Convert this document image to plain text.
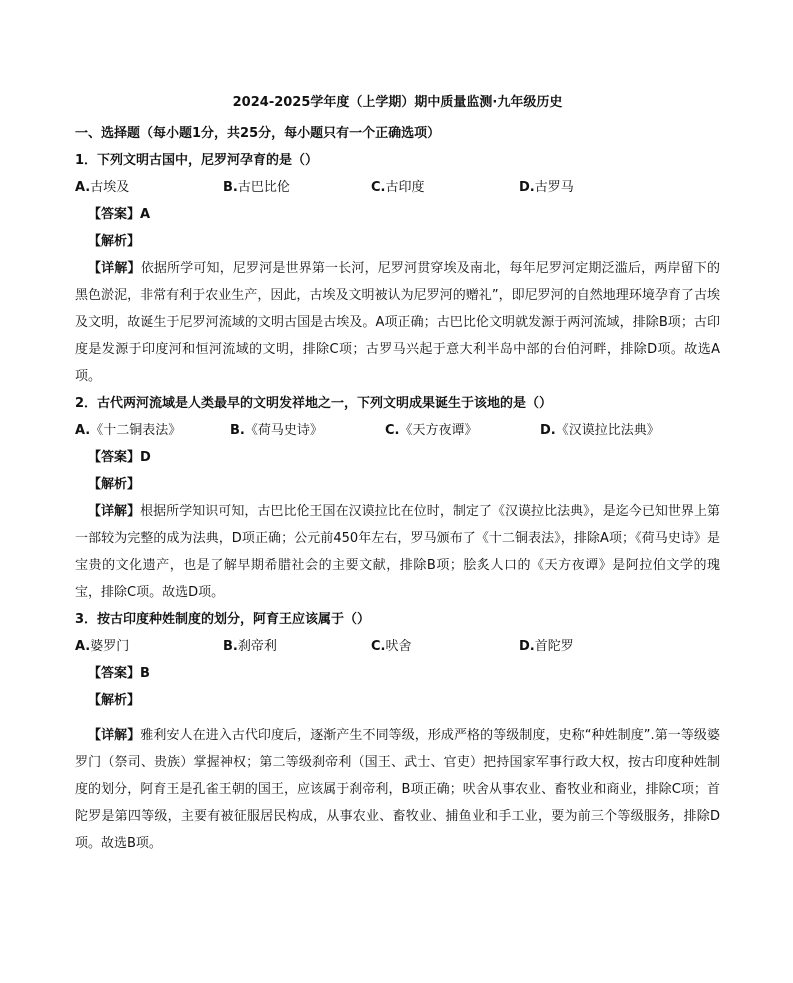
2024-2025学年度（上学期）期中质量监测·九年级历史
一、选择题（每小题1分，共25分，每小题只有一个正确选项）
1．下列文明古国中，尼罗河孕育的是（）
A.古埃及	B.古巴比伦	C.古印度	D.古罗马
【答案】A
【解析】
【详解】依据所学可知，尼罗河是世界第一长河，尼罗河贯穿埃及南北，每年尼罗河定期泛滥后，两岸留下的黑色淤泥，非常有利于农业生产，因此，古埃及文明被认为尼罗河的赠礼”，即尼罗河的自然地理环境孕育了古埃及文明，故诞生于尼罗河流域的文明古国是古埃及。A项正确；古巴比伦文明就发源于两河流域，排除B项；古印度是发源于印度河和恒河流域的文明，排除C项；古罗马兴起于意大利半岛中部的台伯河畔，排除D项。故选A项。
2．古代两河流域是人类最早的文明发祥地之一，下列文明成果诞生于该地的是（）
A.《十二铜表法》	B.《荷马史诗》	C.《天方夜谭》	D.《汉谟拉比法典》
【答案】D
【解析】
【详解】根据所学知识可知，古巴比伦王国在汉谟拉比在位时，制定了《汉谟拉比法典》，是迄今已知世界上第一部较为完整的成为法典，D项正确；公元前450年左右，罗马颁布了《十二铜表法》，排除A项；《荷马史诗》是宝贵的文化遗产，也是了解早期希腊社会的主要文献，排除B项；脍炙人口的《天方夜谭》是阿拉伯文学的瑰宝，排除C项。故选D项。
3．按古印度种姓制度的划分，阿育王应该属于（）
A.婆罗门	B.刹帝利	C.吠舍	D.首陀罗
【答案】B
【解析】
【详解】雅利安人在进入古代印度后，逐渐产生不同等级，形成严格的等级制度，史称“种姓制度”.第一等级婆罗门（祭司、贵族）掌握神权；第二等级刹帝利（国王、武士、官吏）把持国家军事行政大权，按古印度种姓制度的划分，阿育王是孔雀王朝的国王，应该属于刹帝利，B项正确；吠舍从事农业、畜牧业和商业，排除C项；首陀罗是第四等级，主要有被征服居民构成，从事农业、畜牧业、捕鱼业和手工业，要为前三个等级服务，排除D项。故选B项。
